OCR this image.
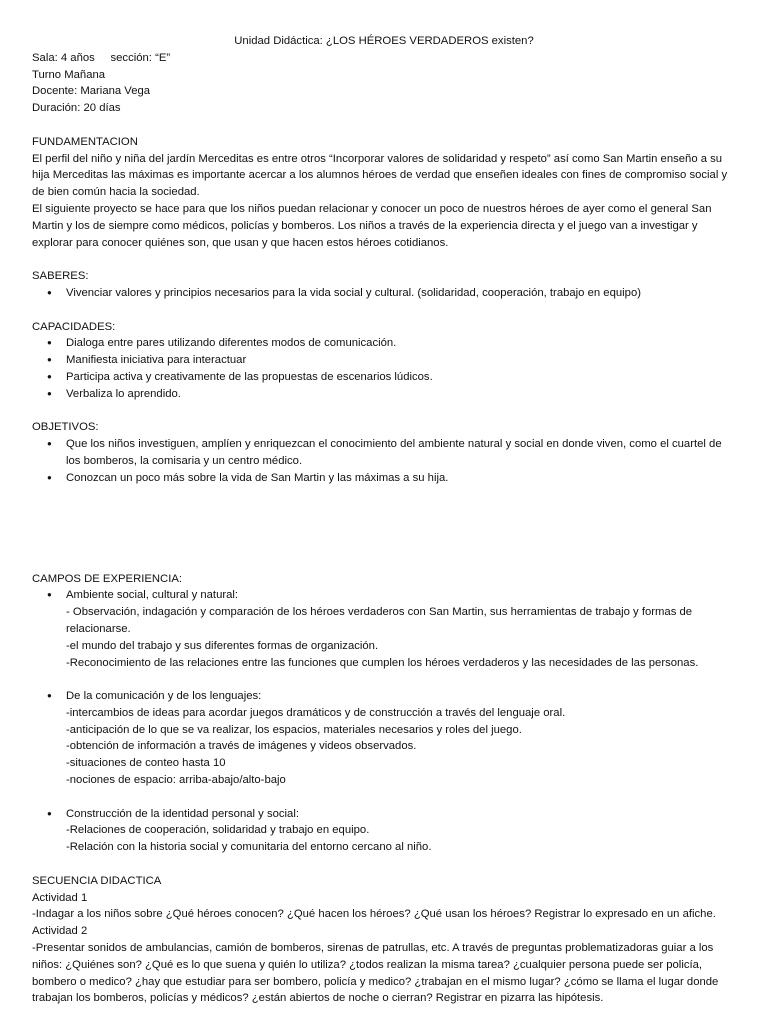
Unidad Didáctica: ¿LOS HÉROES VERDADEROS existen?

Sala: 4 años     sección: “E”

Turno Mañana

Docente: Mariana Vega

Duración: 20 días

FUNDAMENTACION

El perfil del niño y niña del jardín Merceditas es entre otros “Incorporar valores de solidaridad y respeto” así como San Martin enseño a su hija Merceditas las máximas es importante acercar a los alumnos héroes de verdad que enseñen ideales con fines de compromiso social y de bien común hacia la sociedad.

El siguiente proyecto se hace para que los niños puedan relacionar y conocer un poco de nuestros héroes de ayer como el general San Martin y los de siempre como médicos, policías y bomberos. Los niños a través de la experiencia directa y el juego van a investigar y explorar para conocer quiénes son, que usan y que hacen estos héroes cotidianos.

SABERES:
● Vivenciar valores y principios necesarios para la vida social y cultural. (solidaridad, cooperación, trabajo en equipo)
CAPACIDADES:
● Dialoga entre pares utilizando diferentes modos de comunicación.
● Manifiesta iniciativa para interactuar
● Participa activa y creativamente de las propuestas de escenarios lúdicos.
● Verbaliza lo aprendido.
OBJETIVOS:
● Que los niños investiguen, amplíen y enriquezcan el conocimiento del ambiente natural y social en donde viven, como el cuartel de los bomberos, la comisaria y un centro médico.
● Conozcan un poco más sobre la vida de San Martin y las máximas a su hija.
CAMPOS DE EXPERIENCIA:
● Ambiente social, cultural y natural:
- Observación, indagación y comparación de los héroes verdaderos con San Martin, sus herramientas de trabajo y formas de relacionarse.
-el mundo del trabajo y sus diferentes formas de organización.
-Reconocimiento de las relaciones entre las funciones que cumplen los héroes verdaderos y las necesidades de las personas.
● De la comunicación y de los lenguajes:
-intercambios de ideas para acordar juegos dramáticos y de construcción a través del lenguaje oral.
-anticipación de lo que se va realizar, los espacios, materiales necesarios y roles del juego.
-obtención de información a través de imágenes y videos observados.
-situaciones de conteo hasta 10
-nociones de espacio: arriba-abajo/alto-bajo
● Construcción de la identidad personal y social:
-Relaciones de cooperación, solidaridad y trabajo en equipo.
-Relación con la historia social y comunitaria del entorno cercano al niño.
SECUENCIA DIDACTICA

Actividad 1

-Indagar a los niños sobre ¿Qué héroes conocen? ¿Qué hacen los héroes? ¿Qué usan los héroes? Registrar lo expresado en un afiche.

Actividad 2

-Presentar sonidos de ambulancias, camión de bomberos, sirenas de patrullas, etc. A través de preguntas problematizadoras guiar a los niños: ¿Quiénes son? ¿Qué es lo que suena y quién lo utiliza? ¿todos realizan la misma tarea? ¿cualquier persona puede ser policía, bombero o medico? ¿hay que estudiar para ser bombero, policía y medico? ¿trabajan en el mismo lugar? ¿cómo se llama el lugar donde trabajan los bomberos, policías y médicos? ¿están abiertos de noche o cierran? Registrar en pizarra las hipótesis.
